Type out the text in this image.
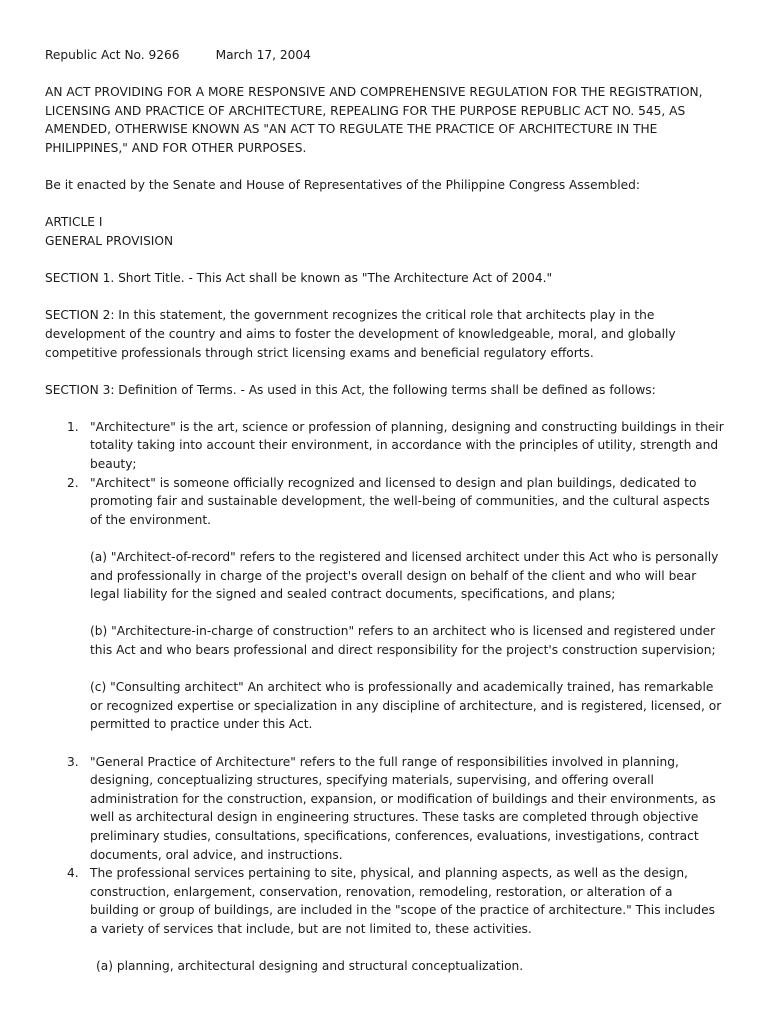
Republic Act No. 9266	March 17, 2004

AN ACT PROVIDING FOR A MORE RESPONSIVE AND COMPREHENSIVE REGULATION FOR THE REGISTRATION, LICENSING AND PRACTICE OF ARCHITECTURE, REPEALING FOR THE PURPOSE REPUBLIC ACT NO. 545, AS AMENDED, OTHERWISE KNOWN AS "AN ACT TO REGULATE THE PRACTICE OF ARCHITECTURE IN THE PHILIPPINES," AND FOR OTHER PURPOSES.

Be it enacted by the Senate and House of Representatives of the Philippine Congress Assembled:

ARTICLE I

GENERAL PROVISION

SECTION 1. Short Title. - This Act shall be known as "The Architecture Act of 2004."

SECTION 2: In this statement, the government recognizes the critical role that architects play in the development of the country and aims to foster the development of knowledgeable, moral, and globally competitive professionals through strict licensing exams and beneficial regulatory efforts.

SECTION 3: Definition of Terms. - As used in this Act, the following terms shall be defined as follows:

1. "Architecture" is the art, science or profession of planning, designing and constructing buildings in their totality taking into account their environment, in accordance with the principles of utility, strength and beauty;
2. "Architect" is someone officially recognized and licensed to design and plan buildings, dedicated to promoting fair and sustainable development, the well-being of communities, and the cultural aspects of the environment.

(a) "Architect-of-record" refers to the registered and licensed architect under this Act who is personally and professionally in charge of the project's overall design on behalf of the client and who will bear legal liability for the signed and sealed contract documents, specifications, and plans;

(b) "Architecture-in-charge of construction" refers to an architect who is licensed and registered under this Act and who bears professional and direct responsibility for the project's construction supervision;

(c) "Consulting architect" An architect who is professionally and academically trained, has remarkable or recognized expertise or specialization in any discipline of architecture, and is registered, licensed, or permitted to practice under this Act.

3. "General Practice of Architecture" refers to the full range of responsibilities involved in planning, designing, conceptualizing structures, specifying materials, supervising, and offering overall administration for the construction, expansion, or modification of buildings and their environments, as well as architectural design in engineering structures. These tasks are completed through objective preliminary studies, consultations, specifications, conferences, evaluations, investigations, contract documents, oral advice, and instructions.
4. The professional services pertaining to site, physical, and planning aspects, as well as the design, construction, enlargement, conservation, renovation, remodeling, restoration, or alteration of a building or group of buildings, are included in the "scope of the practice of architecture." This includes a variety of services that include, but are not limited to, these activities.

(a) planning, architectural designing and structural conceptualization.
